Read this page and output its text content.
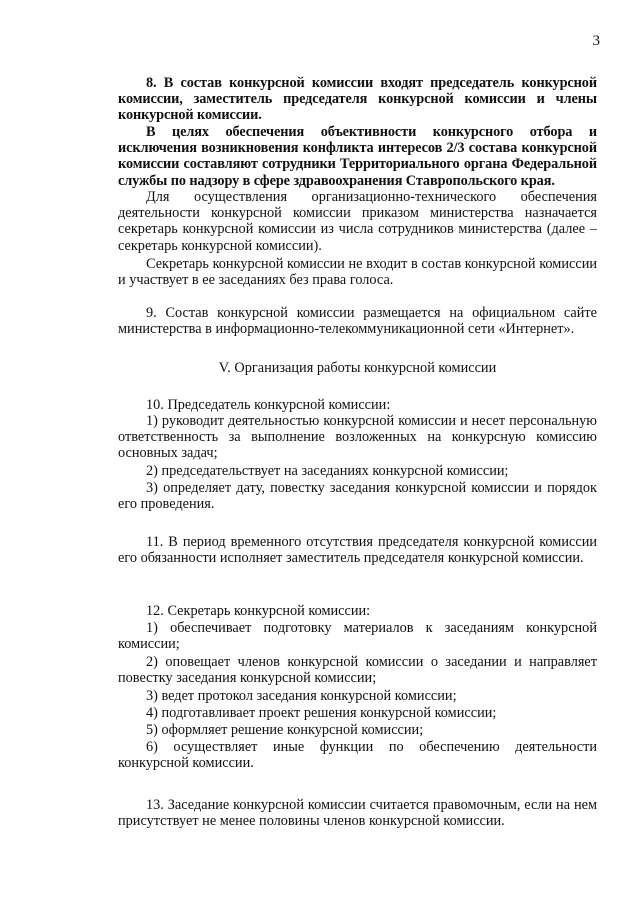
3

8. В состав конкурсной комиссии входят председатель конкурсной комиссии, заместитель председателя конкурсной комиссии и члены конкурсной комиссии.

В целях обеспечения объективности конкурсного отбора и исключения возникновения конфликта интересов 2/3 состава конкурсной комиссии составляют сотрудники Территориального органа Федеральной службы по надзору в сфере здравоохранения Ставропольского края.

Для осуществления организационно-технического обеспечения деятельности конкурсной комиссии приказом министерства назначается секретарь конкурсной комиссии из числа сотрудников министерства (далее – секретарь конкурсной комиссии).

Секретарь конкурсной комиссии не входит в состав конкурсной комиссии и участвует в ее заседаниях без права голоса.

9. Состав конкурсной комиссии размещается на официальном сайте министерства в информационно-телекоммуникационной сети «Интернет».

V. Организация работы конкурсной комиссии

10. Председатель конкурсной комиссии:

1) руководит деятельностью конкурсной комиссии и несет персональную ответственность за выполнение возложенных на конкурсную комиссию основных задач;

2) председательствует на заседаниях конкурсной комиссии;

3) определяет дату, повестку заседания конкурсной комиссии и порядок его проведения.

11. В период временного отсутствия председателя конкурсной комиссии его обязанности исполняет заместитель председателя конкурсной комиссии.

12. Секретарь конкурсной комиссии:

1) обеспечивает подготовку материалов к заседаниям конкурсной комиссии;

2) оповещает членов конкурсной комиссии о заседании и направляет повестку заседания конкурсной комиссии;

3) ведет протокол заседания конкурсной комиссии;

4) подготавливает проект решения конкурсной комиссии;

5) оформляет решение конкурсной комиссии;

6) осуществляет иные функции по обеспечению деятельности конкурсной комиссии.

13. Заседание конкурсной комиссии считается правомочным, если на нем присутствует не менее половины членов конкурсной комиссии.
